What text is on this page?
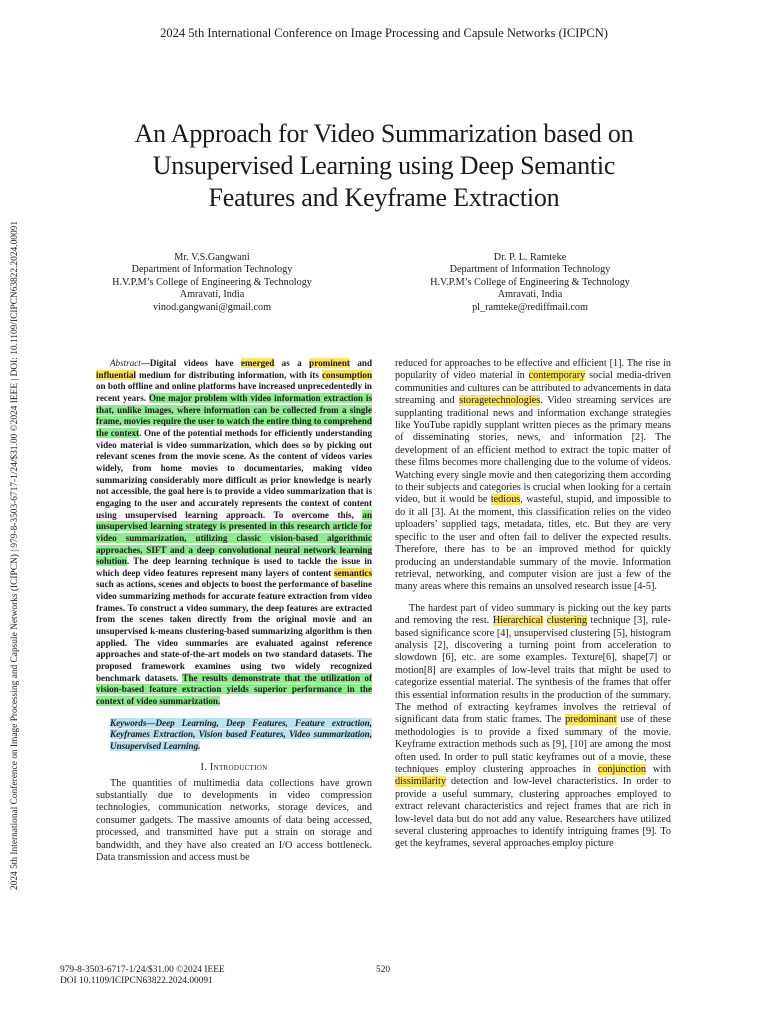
2024 5th International Conference on Image Processing and Capsule Networks (ICIPCN)
2024 5th International Conference on Image Processing and Capsule Networks (ICIPCN) | 979-8-3503-6717-1/24/$31.00 ©2024 IEEE | DOI: 10.1109/ICIPCN63822.2024.00091
An Approach for Video Summarization based on
Unsupervised Learning using Deep Semantic
Features and Keyframe Extraction
Mr. V.S.Gangwani
Department of Information Technology
H.V.P.M’s College of Engineering & Technology
Amravati, India
vinod.gangwani@gmail.com
Dr. P. L. Ramteke
Department of Information Technology
H.V.P.M’s College of Engineering & Technology
Amravati, India
pl_ramteke@rediffmail.com
Abstract—Digital videos have emerged as a prominent and influential medium for distributing information, with its consumption on both offline and online platforms have increased unprecedentedly in recent years. One major problem with video information extraction is that, unlike images, where information can be collected from a single frame, movies require the user to watch the entire thing to comprehend the context. One of the potential methods for efficiently understanding video material is video summarization, which does so by picking out relevant scenes from the movie scene. As the content of videos varies widely, from home movies to documentaries, making video summarizing considerably more difficult as prior knowledge is nearly not accessible, the goal here is to provide a video summarization that is engaging to the user and accurately represents the context of content using unsupervised learning approach. To overcome this, an unsupervised learning strategy is presented in this research article for video summarization, utilizing classic vision-based algorithmic approaches, SIFT and a deep convolutional neural network learning solution. The deep learning technique is used to tackle the issue in which deep video features represent many layers of content semantics such as actions, scenes and objects to boost the performance of baseline video summarizing methods for accurate feature extraction from video frames. To construct a video summary, the deep features are extracted from the scenes taken directly from the original movie and an unsupervised k-means clustering-based summarizing algorithm is then applied. The video summaries are evaluated against reference approaches and state-of-the-art models on two standard datasets. The proposed framework examines using two widely recognized benchmark datasets. The results demonstrate that the utilization of vision-based feature extraction yields superior performance in the context of video summarization.
Keywords—Deep Learning, Deep Features, Feature extraction, Keyframes Extraction, Vision based Features, Video summarization, Unsupervised Learning.
I. Introduction

The quantities of multimedia data collections have grown substantially due to developments in video compression technologies, communication networks, storage devices, and consumer gadgets. The massive amounts of data being accessed, processed, and transmitted have put a strain on storage and bandwidth, and they have also created an I/O access bottleneck. Data transmission and access must be

reduced for approaches to be effective and efficient [1]. The rise in popularity of video material in contemporary social media-driven communities and cultures can be attributed to advancements in data streaming and storagetechnologies. Video streaming services are supplanting traditional news and information exchange strategies like YouTube rapidly supplant written pieces as the primary means of disseminating stories, news, and information [2]. The development of an efficient method to extract the topic matter of these films becomes more challenging due to the volume of videos. Watching every single movie and then categorizing them according to their subjects and categories is crucial when looking for a certain video, but it would be tedious, wasteful, stupid, and impossible to do it all [3]. At the moment, this classification relies on the video uploaders’ supplied tags, metadata, titles, etc. But they are very specific to the user and often fail to deliver the expected results. Therefore, there has to be an improved method for quickly producing an understandable summary of the movie. Information retrieval, networking, and computer vision are just a few of the many areas where this remains an unsolved research issue [4-5].

The hardest part of video summary is picking out the key parts and removing the rest. Hierarchical clustering technique [3], rule-based significance score [4], unsupervised clustering [5], histogram analysis [2], discovering a turning point from acceleration to slowdown [6], etc. are some examples. Texture[6], shape[7] or motion[8] are examples of low-level traits that might be used to categorize essential material. The synthesis of the frames that offer this essential information results in the production of the summary. The method of extracting keyframes involves the retrieval of significant data from static frames. The predominant use of these methodologies is to provide a fixed summary of the movie. Keyframe extraction methods such as [9], [10] are among the most often used. In order to pull static keyframes out of a movie, these techniques employ clustering approaches in conjunction with dissimilarity detection and low-level characteristics. In order to provide a useful summary, clustering approaches employed to extract relevant characteristics and reject frames that are rich in low-level data but do not add any value. Researchers have utilized several clustering approaches to identify intriguing frames [9]. To get the keyframes, several approaches employ picture

979-8-3503-6717-1/24/$31.00 ©2024 IEEE
DOI 10.1109/ICIPCN63822.2024.00091
520
